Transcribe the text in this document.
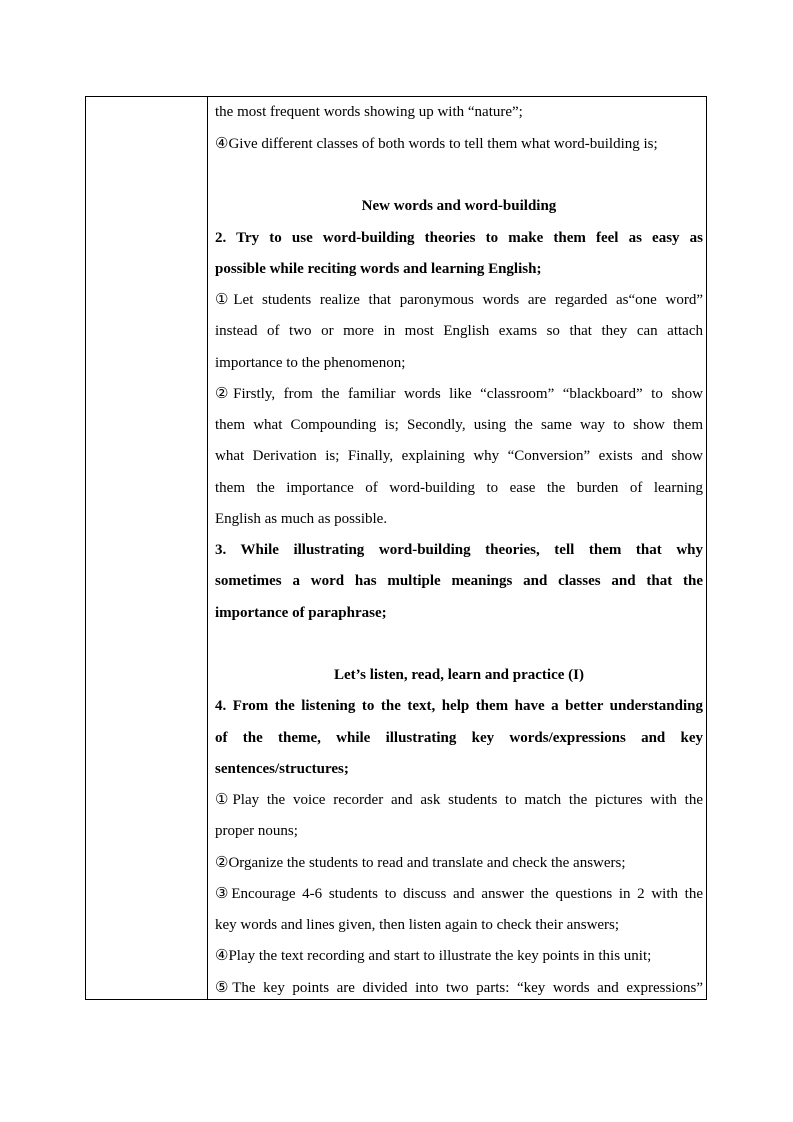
the most frequent words showing up with “nature”;
④Give different classes of both words to tell them what word-building is;
New words and word-building
2. Try to use word-building theories to make them feel as easy as
possible while reciting words and learning English;
①Let students realize that paronymous words are regarded as“one word”
instead of two or more in most English exams so that they can attach
importance to the phenomenon;
②Firstly, from the familiar words like “classroom” “blackboard” to show
them what Compounding is; Secondly, using the same way to show them
what Derivation is; Finally, explaining why “Conversion” exists and show
them the importance of word-building to ease the burden of learning
English as much as possible.
3. While illustrating word-building theories, tell them that why
sometimes a word has multiple meanings and classes and that the
importance of paraphrase;
Let’s listen, read, learn and practice (I)
4. From the listening to the text, help them have a better understanding
of the theme, while illustrating key words/expressions and key
sentences/structures;
①Play the voice recorder and ask students to match the pictures with the
proper nouns;
②Organize the students to read and translate and check the answers;
③Encourage 4-6 students to discuss and answer the questions in 2 with the
key words and lines given, then listen again to check their answers;
④Play the text recording and start to illustrate the key points in this unit;
⑤The key points are divided into two parts: “key words and expressions”
